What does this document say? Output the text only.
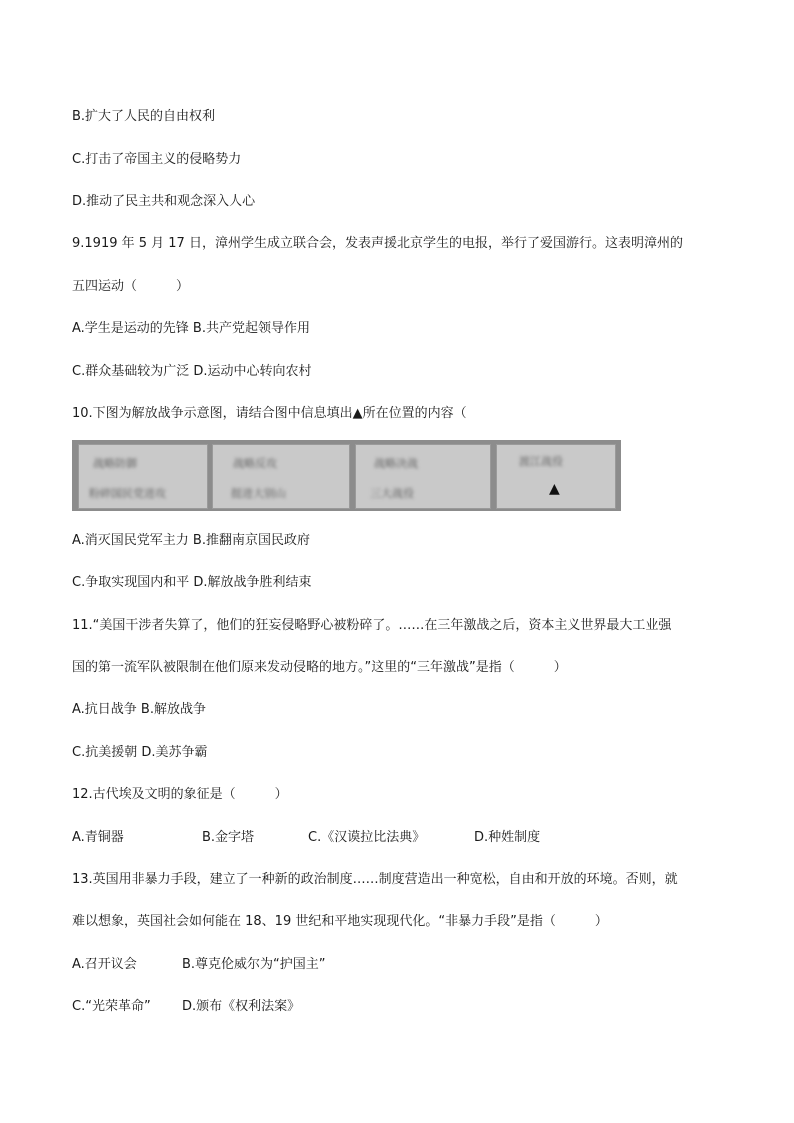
B.扩大了人民的自由权利
C.打击了帝国主义的侵略势力
D.推动了民主共和观念深入人心
9.1919 年 5 月 17 日，漳州学生成立联合会，发表声援北京学生的电报，举行了爱国游行。这表明漳州的
五四运动（　　　）
A.学生是运动的先锋 B.共产党起领导作用
C.群众基础较为广泛 D.运动中心转向农村
10.下图为解放战争示意图，请结合图中信息填出▲所在位置的内容（
战略防御
粉碎国民党进攻
战略反攻
挺进大别山
战略决战
三大战役
渡江战役
▲
A.消灭国民党军主力 B.推翻南京国民政府
C.争取实现国内和平 D.解放战争胜利结束
11.“美国干涉者失算了，他们的狂妄侵略野心被粉碎了。……在三年激战之后，资本主义世界最大工业强
国的第一流军队被限制在他们原来发动侵略的地方。”这里的“三年激战”是指（　　　）
A.抗日战争 B.解放战争
C.抗美援朝 D.美苏争霸
12.古代埃及文明的象征是（　　　）
A.青铜器	B.金字塔	C.《汉谟拉比法典》	D.种姓制度
13.英国用非暴力手段，建立了一种新的政治制度……制度营造出一种宽松，自由和开放的环境。否则，就
难以想象，英国社会如何能在 18、19 世纪和平地实现现代化。“非暴力手段”是指（　　　）
A.召开议会	B.尊克伦威尔为“护国主”
C.“光荣革命” D.颁布《权利法案》
